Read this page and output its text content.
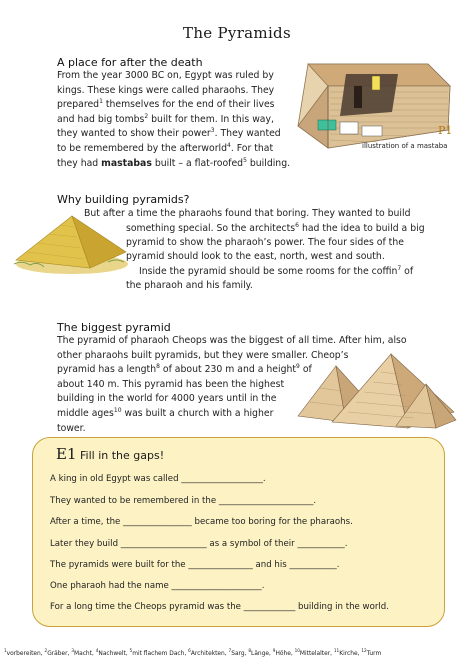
The Pyramids
A place for after the death
From the year 3000 BC on, Egypt was ruled by
kings. These kings were called pharaohs. They
prepared$^1$ themselves for the end of their lives
and had big tombs$^2$ built for them. In this way,
they wanted to show their power$^3$. They wanted
to be remembered by the afterworld$^4$. For that
they had mastabas built – a flat-roofed$^5$ building.
P1
illustration of a mastaba
Why building pyramids?
But after a time the pharaohs found that boring. They wanted to build
something special. So the architects$^6$ had the idea to build a big
pyramid to show the pharaoh’s power. The four sides of the
pyramid should look to the east, north, west and south.
Inside the pyramid should be some rooms for the coffin$^7$ of
the pharaoh and his family.
The biggest pyramid
The pyramid of pharaoh Cheops was the biggest of all time. After him, also
other pharaohs built pyramids, but they were smaller. Cheop’s
pyramid has a length$^8$ of about 230 m and a height$^9$ of
about 140 m. This pyramid has been the highest
building in the world for 4000 years until in the
middle ages$^{10}$ was built a church with a higher
tower.
E1 Fill in the gaps!
A king in old Egypt was called ___________________.
They wanted to be remembered in the ______________________.
After a time, the ________________ became too boring for the pharaohs.
Later they build ____________________ as a symbol of their ___________.
The pyramids were built for the _______________ and his ___________.
One pharaoh had the name _____________________.
For a long time the Cheops pyramid was the ____________ building in the world.
$^1$vorbereiten, $^2$Gräber, $^3$Macht, $^4$Nachwelt, $^5$mit flachem Dach, $^6$Architekten, $^7$Sarg, $^8$Länge, $^9$Höhe, $^{10}$Mittelalter, $^{11}$Kirche, $^{12}$Turm
